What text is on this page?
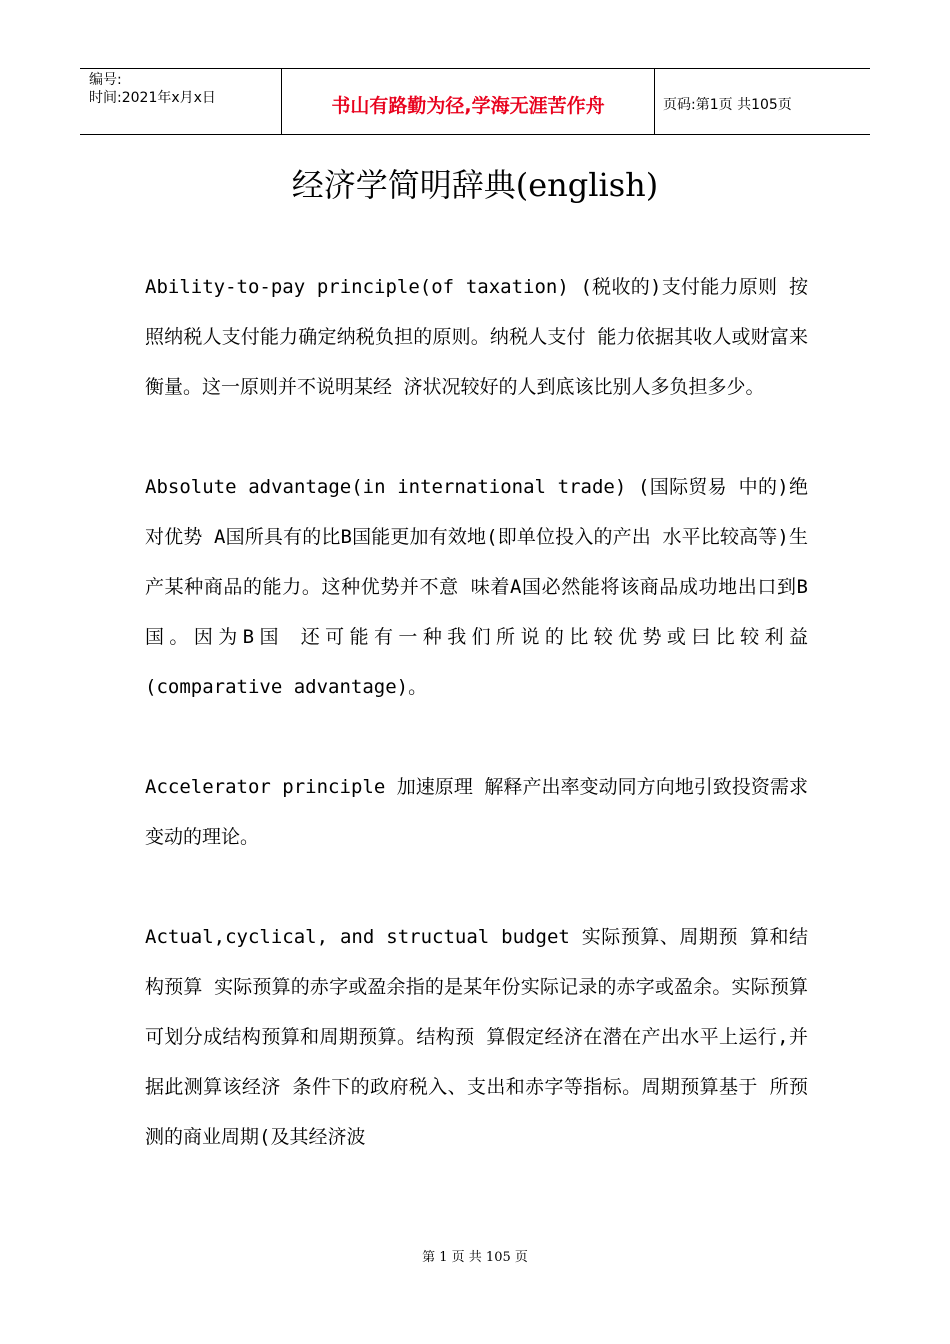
编号:
时间:2021年x月x日	书山有路勤为径,学海无涯苦作舟	页码:第1页 共105页
经济学简明辞典(english)

Ability-to-pay principle(of taxation) (税收的)支付能力原则 按照纳税人支付能力确定纳税负担的原则。纳税人支付 能力依据其收人或财富来衡量。这一原则并不说明某经 济状况较好的人到底该比别人多负担多少。

Absolute advantage(in international trade) (国际贸易 中的)绝对优势 A国所具有的比B国能更加有效地(即单位投入的产出 水平比较高等)生产某种商品的能力。这种优势并不意 味着A国必然能将该商品成功地出口到B国。因为B国 还可能有一种我们所说的比较优势或曰比较利益 (comparative advantage)。

Accelerator principle 加速原理 解释产出率变动同方向地引致投资需求变动的理论。

Actual,cyclical, and structual budget 实际预算、周期预 算和结构预算 实际预算的赤字或盈余指的是某年份实际记录的赤字或盈余。实际预算可划分成结构预算和周期预算。结构预 算假定经济在潜在产出水平上运行,并据此测算该经济 条件下的政府税入、支出和赤字等指标。周期预算基于 所预测的商业周期(及其经济波

第 1 页 共 105 页
